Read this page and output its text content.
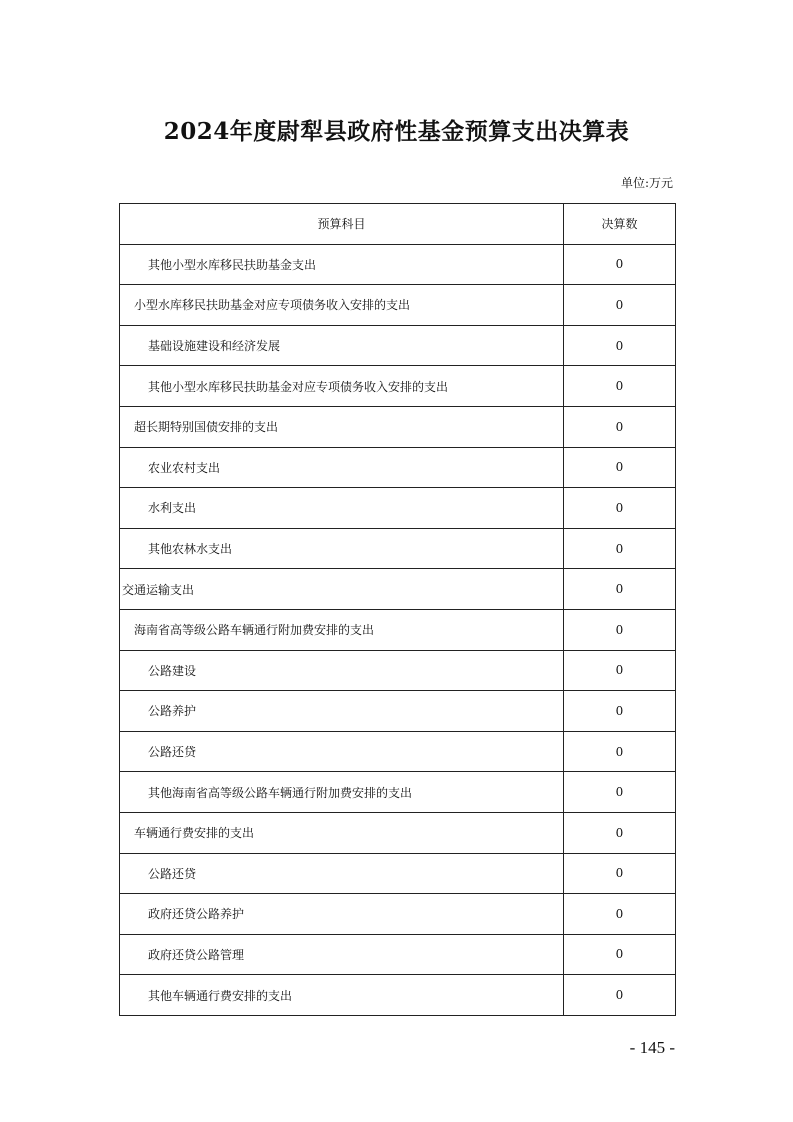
2024年度尉犁县政府性基金预算支出决算表
单位:万元
预算科目	决算数
其他小型水库移民扶助基金支出	0
小型水库移民扶助基金对应专项债务收入安排的支出	0
基础设施建设和经济发展	0
其他小型水库移民扶助基金对应专项债务收入安排的支出	0
超长期特别国债安排的支出	0
农业农村支出	0
水利支出	0
其他农林水支出	0
交通运输支出	0
海南省高等级公路车辆通行附加费安排的支出	0
公路建设	0
公路养护	0
公路还贷	0
其他海南省高等级公路车辆通行附加费安排的支出	0
车辆通行费安排的支出	0
公路还贷	0
政府还贷公路养护	0
政府还贷公路管理	0
其他车辆通行费安排的支出	0
- 145 -
